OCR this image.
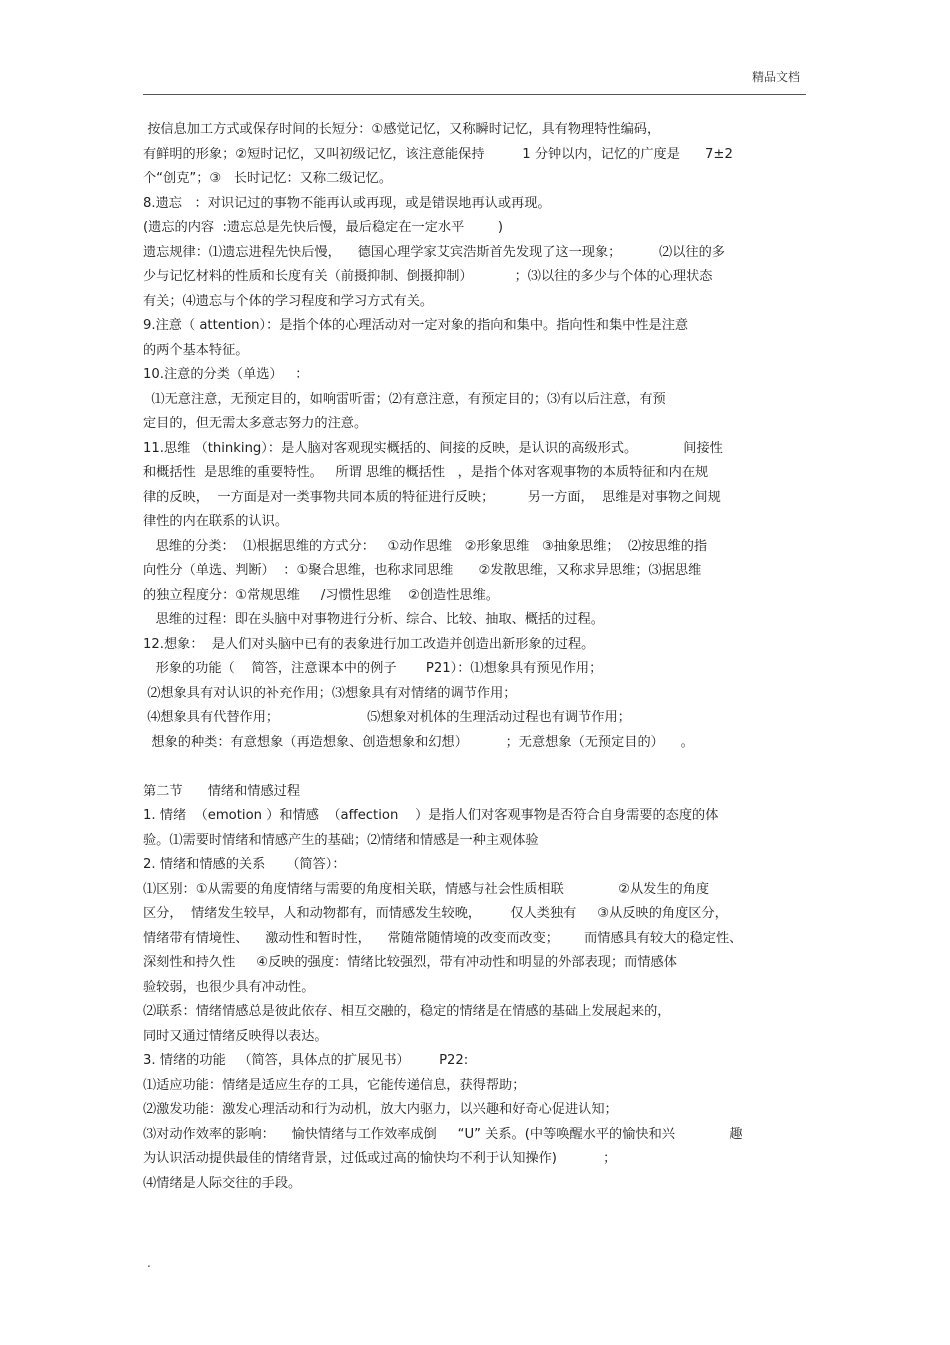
精品文档
按信息加工方式或保存时间的长短分：①感觉记忆，又称瞬时记忆，具有物理特性编码，
有鲜明的形象；②短时记忆，又叫初级记忆，该注意能保持         1 分钟以内，记忆的广度是      7±2
个“创克”；③   长时记忆：又称二级记忆。
8.遗忘   ：对识记过的事物不能再认或再现，或是错误地再认或再现。
(遗忘的内容  :遗忘总是先快后慢，最后稳定在一定水平        )
遗忘规律：⑴遗忘进程先快后慢，    德国心理学家艾宾浩斯首先发现了这一现象；         ⑵以往的多
少与记忆材料的性质和长度有关（前摄抑制、倒摄抑制）          ；⑶以往的多少与个体的心理状态
有关；⑷遗忘与个体的学习程度和学习方式有关。
9.注意（ attention）：是指个体的心理活动对一定对象的指向和集中。指向性和集中性是注意
的两个基本特征。
10.注意的分类（单选）   ：
⑴无意注意，无预定目的，如响雷听雷；⑵有意注意，有预定目的；⑶有以后注意，有预
定目的，但无需太多意志努力的注意。
11.思维 （thinking）：是人脑对客观现实概括的、间接的反映，是认识的高级形式。           间接性
和概括性  是思维的重要特性。   所谓 思维的概括性   ，是指个体对客观事物的本质特征和内在规
律的反映，  一方面是对一类事物共同本质的特征进行反映；        另一方面，  思维是对事物之间规
律性的内在联系的认识。
思维的分类：  ⑴根据思维的方式分：   ①动作思维   ②形象思维   ③抽象思维；  ⑵按思维的指
向性分（单选、判断）  ：①聚合思维，也称求同思维      ②发散思维，又称求异思维；⑶据思维
的独立程度分：①常规思维     /习惯性思维    ②创造性思维。
思维的过程：即在头脑中对事物进行分析、综合、比较、抽取、概括的过程。
12.想象：  是人们对头脑中已有的表象进行加工改造并创造出新形象的过程。
形象的功能（    简答，注意课本中的例子       P21）：⑴想象具有预见作用；
⑵想象具有对认识的补充作用；⑶想象具有对情绪的调节作用；
⑷想象具有代替作用；                     ⑸想象对机体的生理活动过程也有调节作用；
想象的种类：有意想象（再造想象、创造想象和幻想）         ；无意想象（无预定目的）    。
第二节      情绪和情感过程
1. 情绪  （emotion ）和情感  （affection    ）是指人们对客观事物是否符合自身需要的态度的体
验。⑴需要时情绪和情感产生的基础；⑵情绪和情感是一种主观体验
2. 情绪和情感的关系     （简答）：
⑴区别：①从需要的角度情绪与需要的角度相关联，情感与社会性质相联             ②从发生的角度
区分，  情绪发生较早，人和动物都有，而情感发生较晚，       仅人类独有     ③从反映的角度区分，
情绪带有情境性、    激动性和暂时性，    常随常随情境的改变而改变；      而情感具有较大的稳定性、
深刻性和持久性     ④反映的强度：情绪比较强烈，带有冲动性和明显的外部表现；而情感体
验较弱，也很少具有冲动性。
⑵联系：情绪情感总是彼此依存、相互交融的，稳定的情绪是在情感的基础上发展起来的，
同时又通过情绪反映得以表达。
3. 情绪的功能   （简答，具体点的扩展见书）       P22:
⑴适应功能：情绪是适应生存的工具，它能传递信息，获得帮助；
⑵激发功能：激发心理活动和行为动机，放大内驱力，以兴趣和好奇心促进认知；
⑶对动作效率的影响：    愉快情绪与工作效率成倒     “U” 关系。(中等唤醒水平的愉快和兴             趣
为认识活动提供最佳的情绪背景，过低或过高的愉快均不利于认知操作)           ；
⑷情绪是人际交往的手段。
.
